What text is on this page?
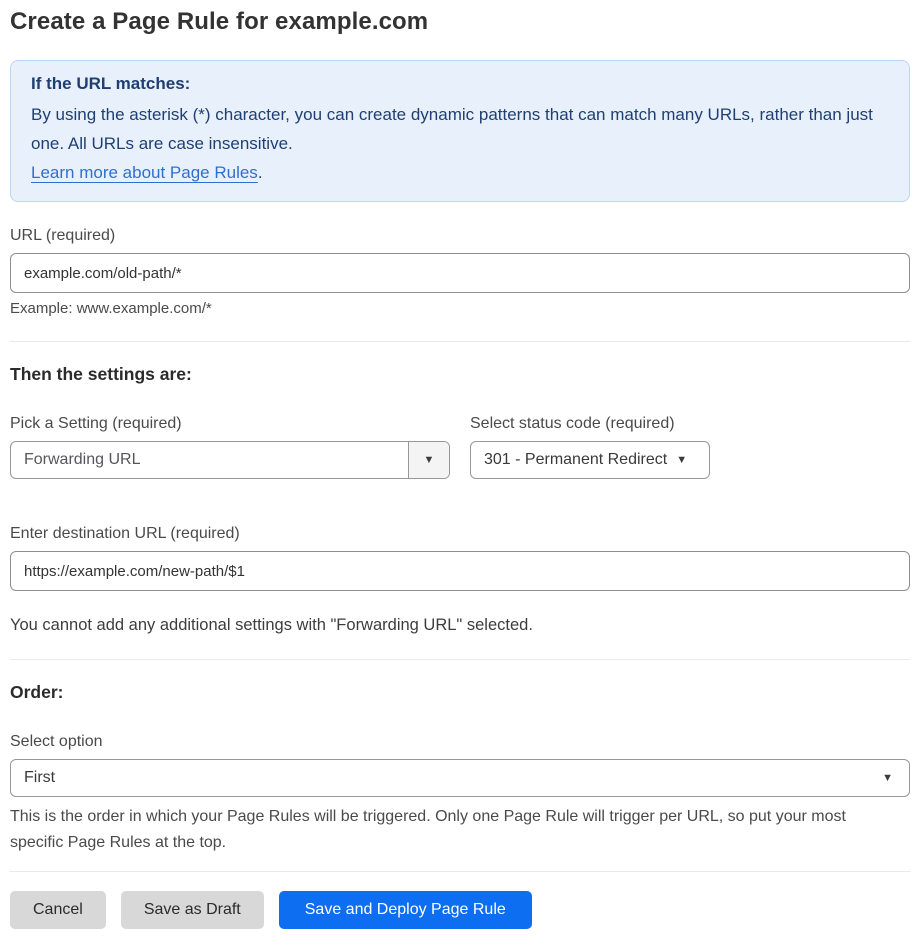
Create a Page Rule for example.com
If the URL matches:
By using the asterisk (*) character, you can create dynamic patterns that can match many URLs, rather than just one. All URLs are case insensitive.
Learn more about Page Rules.
URL (required)
example.com/old-path/*
Example: www.example.com/*
Then the settings are:
Pick a Setting (required)
Forwarding URL	▼
Select status code (required)
301 - Permanent Redirect ▼
Enter destination URL (required)
https://example.com/new-path/$1
You cannot add any additional settings with "Forwarding URL" selected.
Order:
Select option
First	▼
This is the order in which your Page Rules will be triggered. Only one Page Rule will trigger per URL, so put your most specific Page Rules at the top.
Cancel	Save as Draft	Save and Deploy Page Rule
